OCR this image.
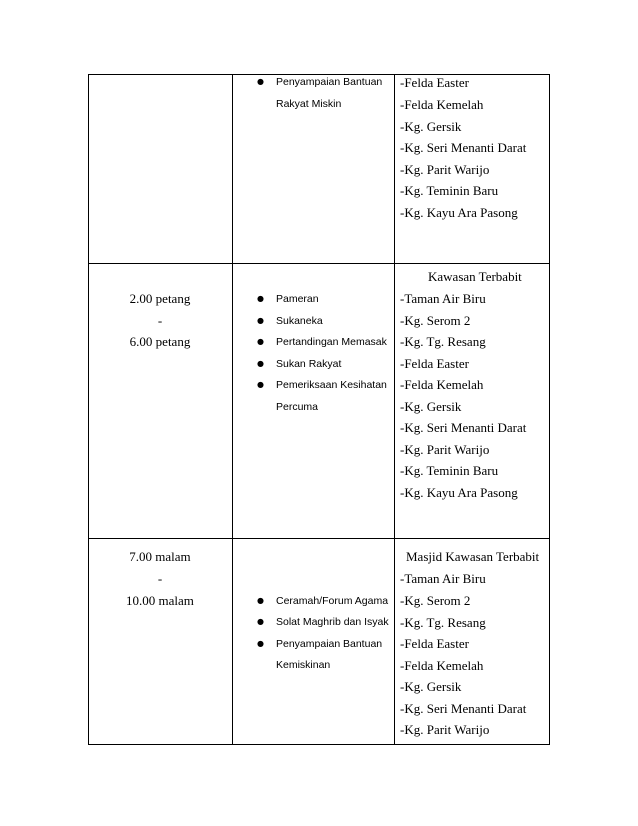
● Penyampaian Bantuan
Rakyat Miskin
-Felda Easter
-Felda Kemelah
-Kg. Gersik
-Kg. Seri Menanti Darat
-Kg. Parit Warijo
-Kg. Teminin Baru
-Kg. Kayu Ara Pasong
2.00 petang
-
6.00 petang
● Pameran
● Sukaneka
● Pertandingan Memasak
● Sukan Rakyat
● Pemeriksaan Kesihatan
Percuma
Kawasan Terbabit
-Taman Air Biru
-Kg. Serom 2
-Kg. Tg. Resang
-Felda Easter
-Felda Kemelah
-Kg. Gersik
-Kg. Seri Menanti Darat
-Kg. Parit Warijo
-Kg. Teminin Baru
-Kg. Kayu Ara Pasong
7.00 malam
-
10.00 malam	● Ceramah/Forum Agama
● Solat Maghrib dan Isyak
● Penyampaian Bantuan
Kemiskinan
Masjid Kawasan Terbabit
-Taman Air Biru
-Kg. Serom 2
-Kg. Tg. Resang
-Felda Easter
-Felda Kemelah
-Kg. Gersik
-Kg. Seri Menanti Darat
-Kg. Parit Warijo
